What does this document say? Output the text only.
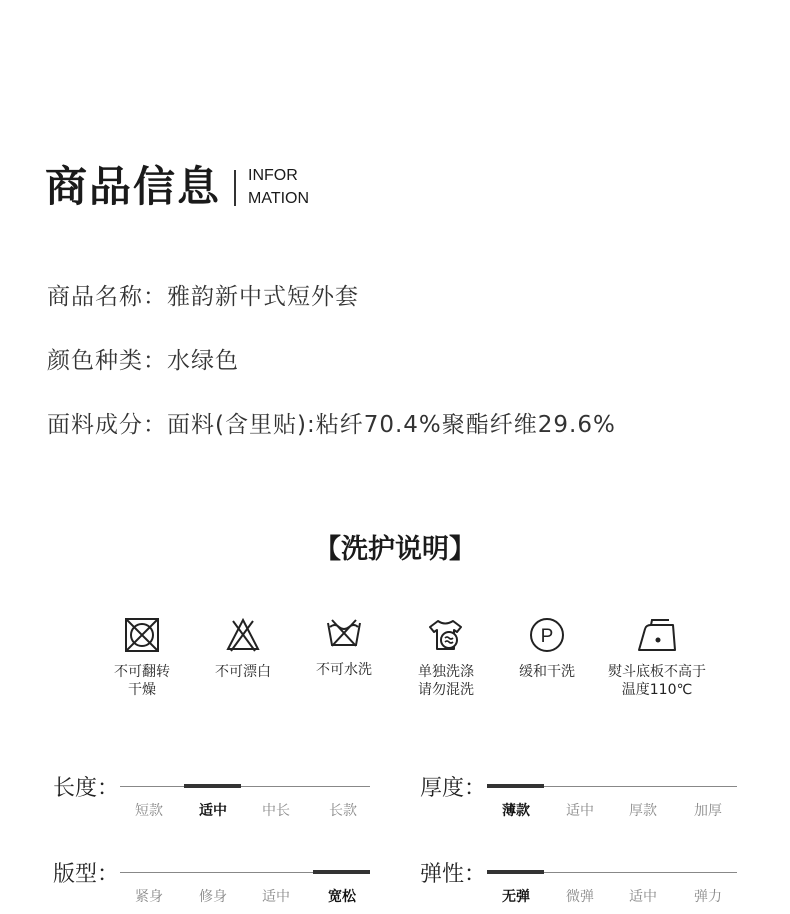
商品信息 INFOR
MATION
商品名称：雅韵新中式短外套
颜色种类：水绿色
面料成分：面料(含里贴):粘纤70.4%聚酯纤维29.6%
【洗护说明】
不可翻转
干燥
不可漂白	不可水洗	单独洗涤
请勿混洗
P
缓和干洗	熨斗底板不高于
温度110℃
长度：
短款	适中	中长	长款
厚度：
薄款	适中	厚款	加厚
版型：
紧身	修身	适中	宽松
弹性：
无弹	微弹	适中	弹力
